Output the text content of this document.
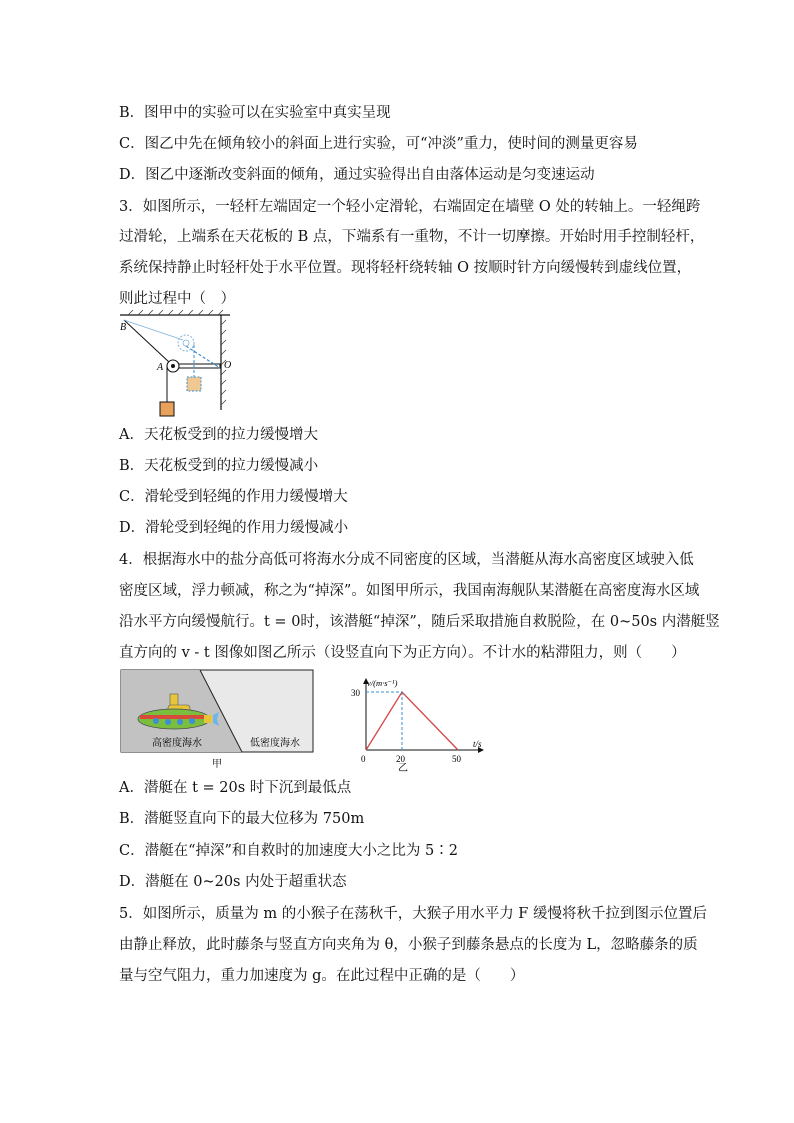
B．图甲中的实验可以在实验室中真实呈现
C．图乙中先在倾角较小的斜面上进行实验，可“冲淡”重力，使时间的测量更容易
D．图乙中逐渐改变斜面的倾角，通过实验得出自由落体运动是匀变速运动
3．如图所示，一轻杆左端固定一个轻小定滑轮，右端固定在墙壁 O 处的转轴上。一轻绳跨
过滑轮，上端系在天花板的 B 点，下端系有一重物，不计一切摩擦。开始时用手控制轻杆，
系统保持静止时轻杆处于水平位置。现将轻杆绕转轴 O 按顺时针方向缓慢转到虚线位置，
则此过程中（　）
B
A	O
A．天花板受到的拉力缓慢增大
B．天花板受到的拉力缓慢减小
C．滑轮受到轻绳的作用力缓慢增大
D．滑轮受到轻绳的作用力缓慢减小
4．根据海水中的盐分高低可将海水分成不同密度的区域，当潜艇从海水高密度区域驶入低
密度区域，浮力顿减，称之为“掉深”。如图甲所示，我国南海舰队某潜艇在高密度海水区域
沿水平方向缓慢航行。t = 0时，该潜艇“掉深”，随后采取措施自救脱险，在 0~50s 内潜艇竖
直方向的 v - t 图像如图乙所示（设竖直向下为正方向）。不计水的粘滞阻力，则（　　）
高密度海水	低密度海水
甲
v/(m·s⁻¹)
30
0	20	50
t/s
乙
A．潜艇在 t = 20s 时下沉到最低点
B．潜艇竖直向下的最大位移为 750m
C．潜艇在“掉深”和自救时的加速度大小之比为 5∶2
D．潜艇在 0~20s 内处于超重状态
5．如图所示，质量为 m 的小猴子在荡秋千，大猴子用水平力 F 缓慢将秋千拉到图示位置后
由静止释放，此时藤条与竖直方向夹角为 θ，小猴子到藤条悬点的长度为 L，忽略藤条的质
量与空气阻力，重力加速度为 g。在此过程中正确的是（　　）
